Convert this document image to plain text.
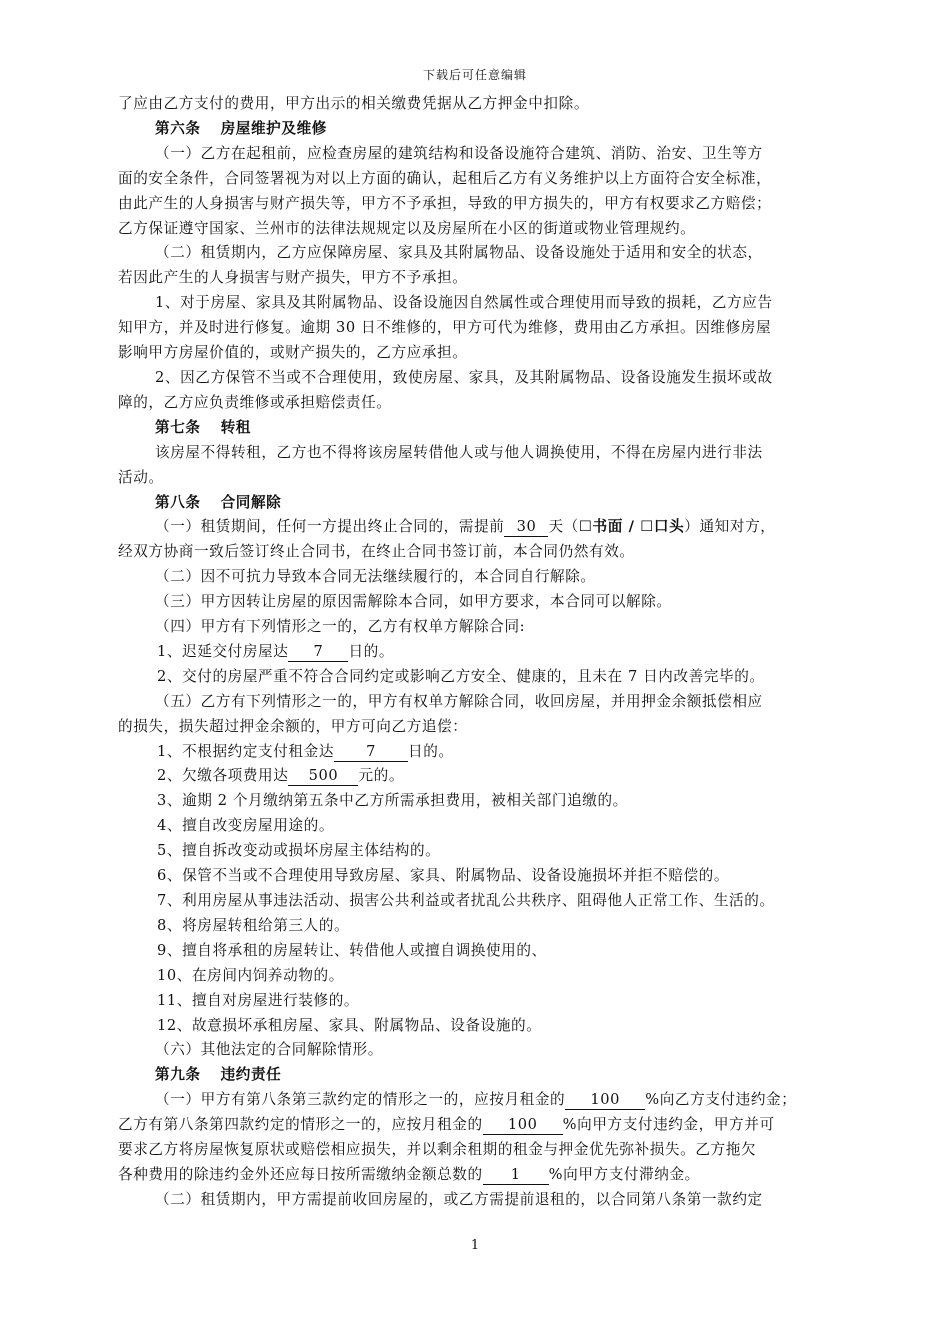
下载后可任意编辑

了应由乙方支付的费用，甲方出示的相关缴费凭据从乙方押金中扣除。

第六条 房屋维护及维修

（一）乙方在起租前，应检查房屋的建筑结构和设备设施符合建筑、消防、治安、卫生等方

面的安全条件，合同签署视为对以上方面的确认，起租后乙方有义务维护以上方面符合安全标准，

由此产生的人身损害与财产损失等，甲方不予承担，导致的甲方损失的，甲方有权要求乙方赔偿；

乙方保证遵守国家、兰州市的法律法规规定以及房屋所在小区的街道或物业管理规约。

（二）租赁期内，乙方应保障房屋、家具及其附属物品、设备设施处于适用和安全的状态，

若因此产生的人身损害与财产损失，甲方不予承担。

1、对于房屋、家具及其附属物品、设备设施因自然属性或合理使用而导致的损耗，乙方应告

知甲方，并及时进行修复。逾期 30 日不维修的，甲方可代为维修，费用由乙方承担。因维修房屋

影响甲方房屋价值的，或财产损失的，乙方应承担。

2、因乙方保管不当或不合理使用，致使房屋、家具，及其附属物品、设备设施发生损坏或故

障的，乙方应负责维修或承担赔偿责任。

第七条 转租

该房屋不得转租，乙方也不得将该房屋转借他人或与他人调换使用，不得在房屋内进行非法

活动。

第八条 合同解除

（一）租赁期间，任何一方提出终止合同的，需提前 30 天（☐书面 / ☐口头）通知对方，

经双方协商一致后签订终止合同书，在终止合同书签订前，本合同仍然有效。

（二）因不可抗力导致本合同无法继续履行的，本合同自行解除。

（三）甲方因转让房屋的原因需解除本合同，如甲方要求，本合同可以解除。

（四）甲方有下列情形之一的，乙方有权单方解除合同:

1、迟延交付房屋达 7 日的。

2、交付的房屋严重不符合合同约定或影响乙方安全、健康的，且未在 7 日内改善完毕的。

（五）乙方有下列情形之一的，甲方有权单方解除合同，收回房屋，并用押金余额抵偿相应

的损失，损失超过押金余额的，甲方可向乙方追偿：

1、不根据约定支付租金达 7 日的。

2、欠缴各项费用达 500 元的。

3、逾期 2 个月缴纳第五条中乙方所需承担费用，被相关部门追缴的。

4、擅自改变房屋用途的。

5、擅自拆改变动或损坏房屋主体结构的。

6、保管不当或不合理使用导致房屋、家具、附属物品、设备设施损坏并拒不赔偿的。

7、利用房屋从事违法活动、损害公共利益或者扰乱公共秩序、阻碍他人正常工作、生活的。

8、将房屋转租给第三人的。

9、擅自将承租的房屋转让、转借他人或擅自调换使用的、

10、在房间内饲养动物的。

11、擅自对房屋进行装修的。

12、故意损坏承租房屋、家具、附属物品、设备设施的。

（六）其他法定的合同解除情形。

第九条 违约责任

（一）甲方有第八条第三款约定的情形之一的，应按月租金的 100 %向乙方支付违约金；

乙方有第八条第四款约定的情形之一的，应按月租金的 100 %向甲方支付违约金，甲方并可

要求乙方将房屋恢复原状或赔偿相应损失，并以剩余租期的租金与押金优先弥补损失。乙方拖欠

各种费用的除违约金外还应每日按所需缴纳金额总数的 1 %向甲方支付滞纳金。

（二）租赁期内，甲方需提前收回房屋的，或乙方需提前退租的，以合同第八条第一款约定

1
